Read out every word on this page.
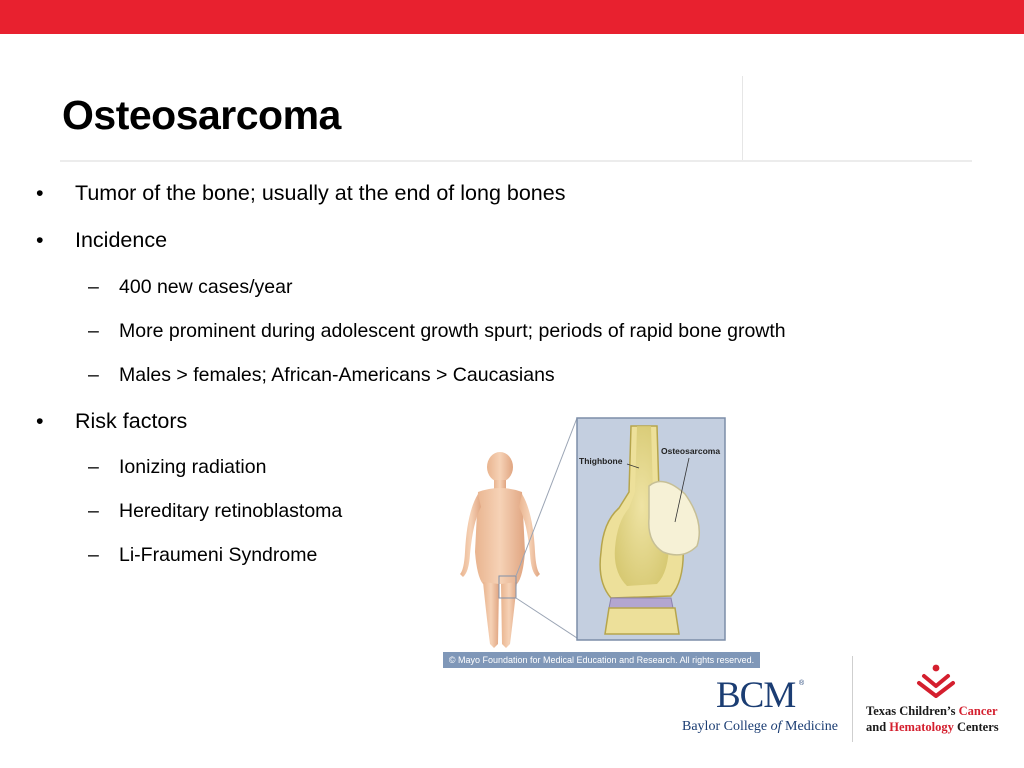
Osteosarcoma
• Tumor of the bone; usually at the end of long bones
• Incidence
– 400 new cases/year
– More prominent during adolescent growth spurt; periods of rapid bone growth
– Males > females; African-Americans > Caucasians
• Risk factors
– Ionizing radiation
– Hereditary retinoblastoma
– Li-Fraumeni Syndrome
Thighbone
Osteosarcoma
© Mayo Foundation for Medical Education and Research. All rights reserved.
BCM ®
Baylor College of Medicine
Texas Children’s Cancer
and Hematology Centers
